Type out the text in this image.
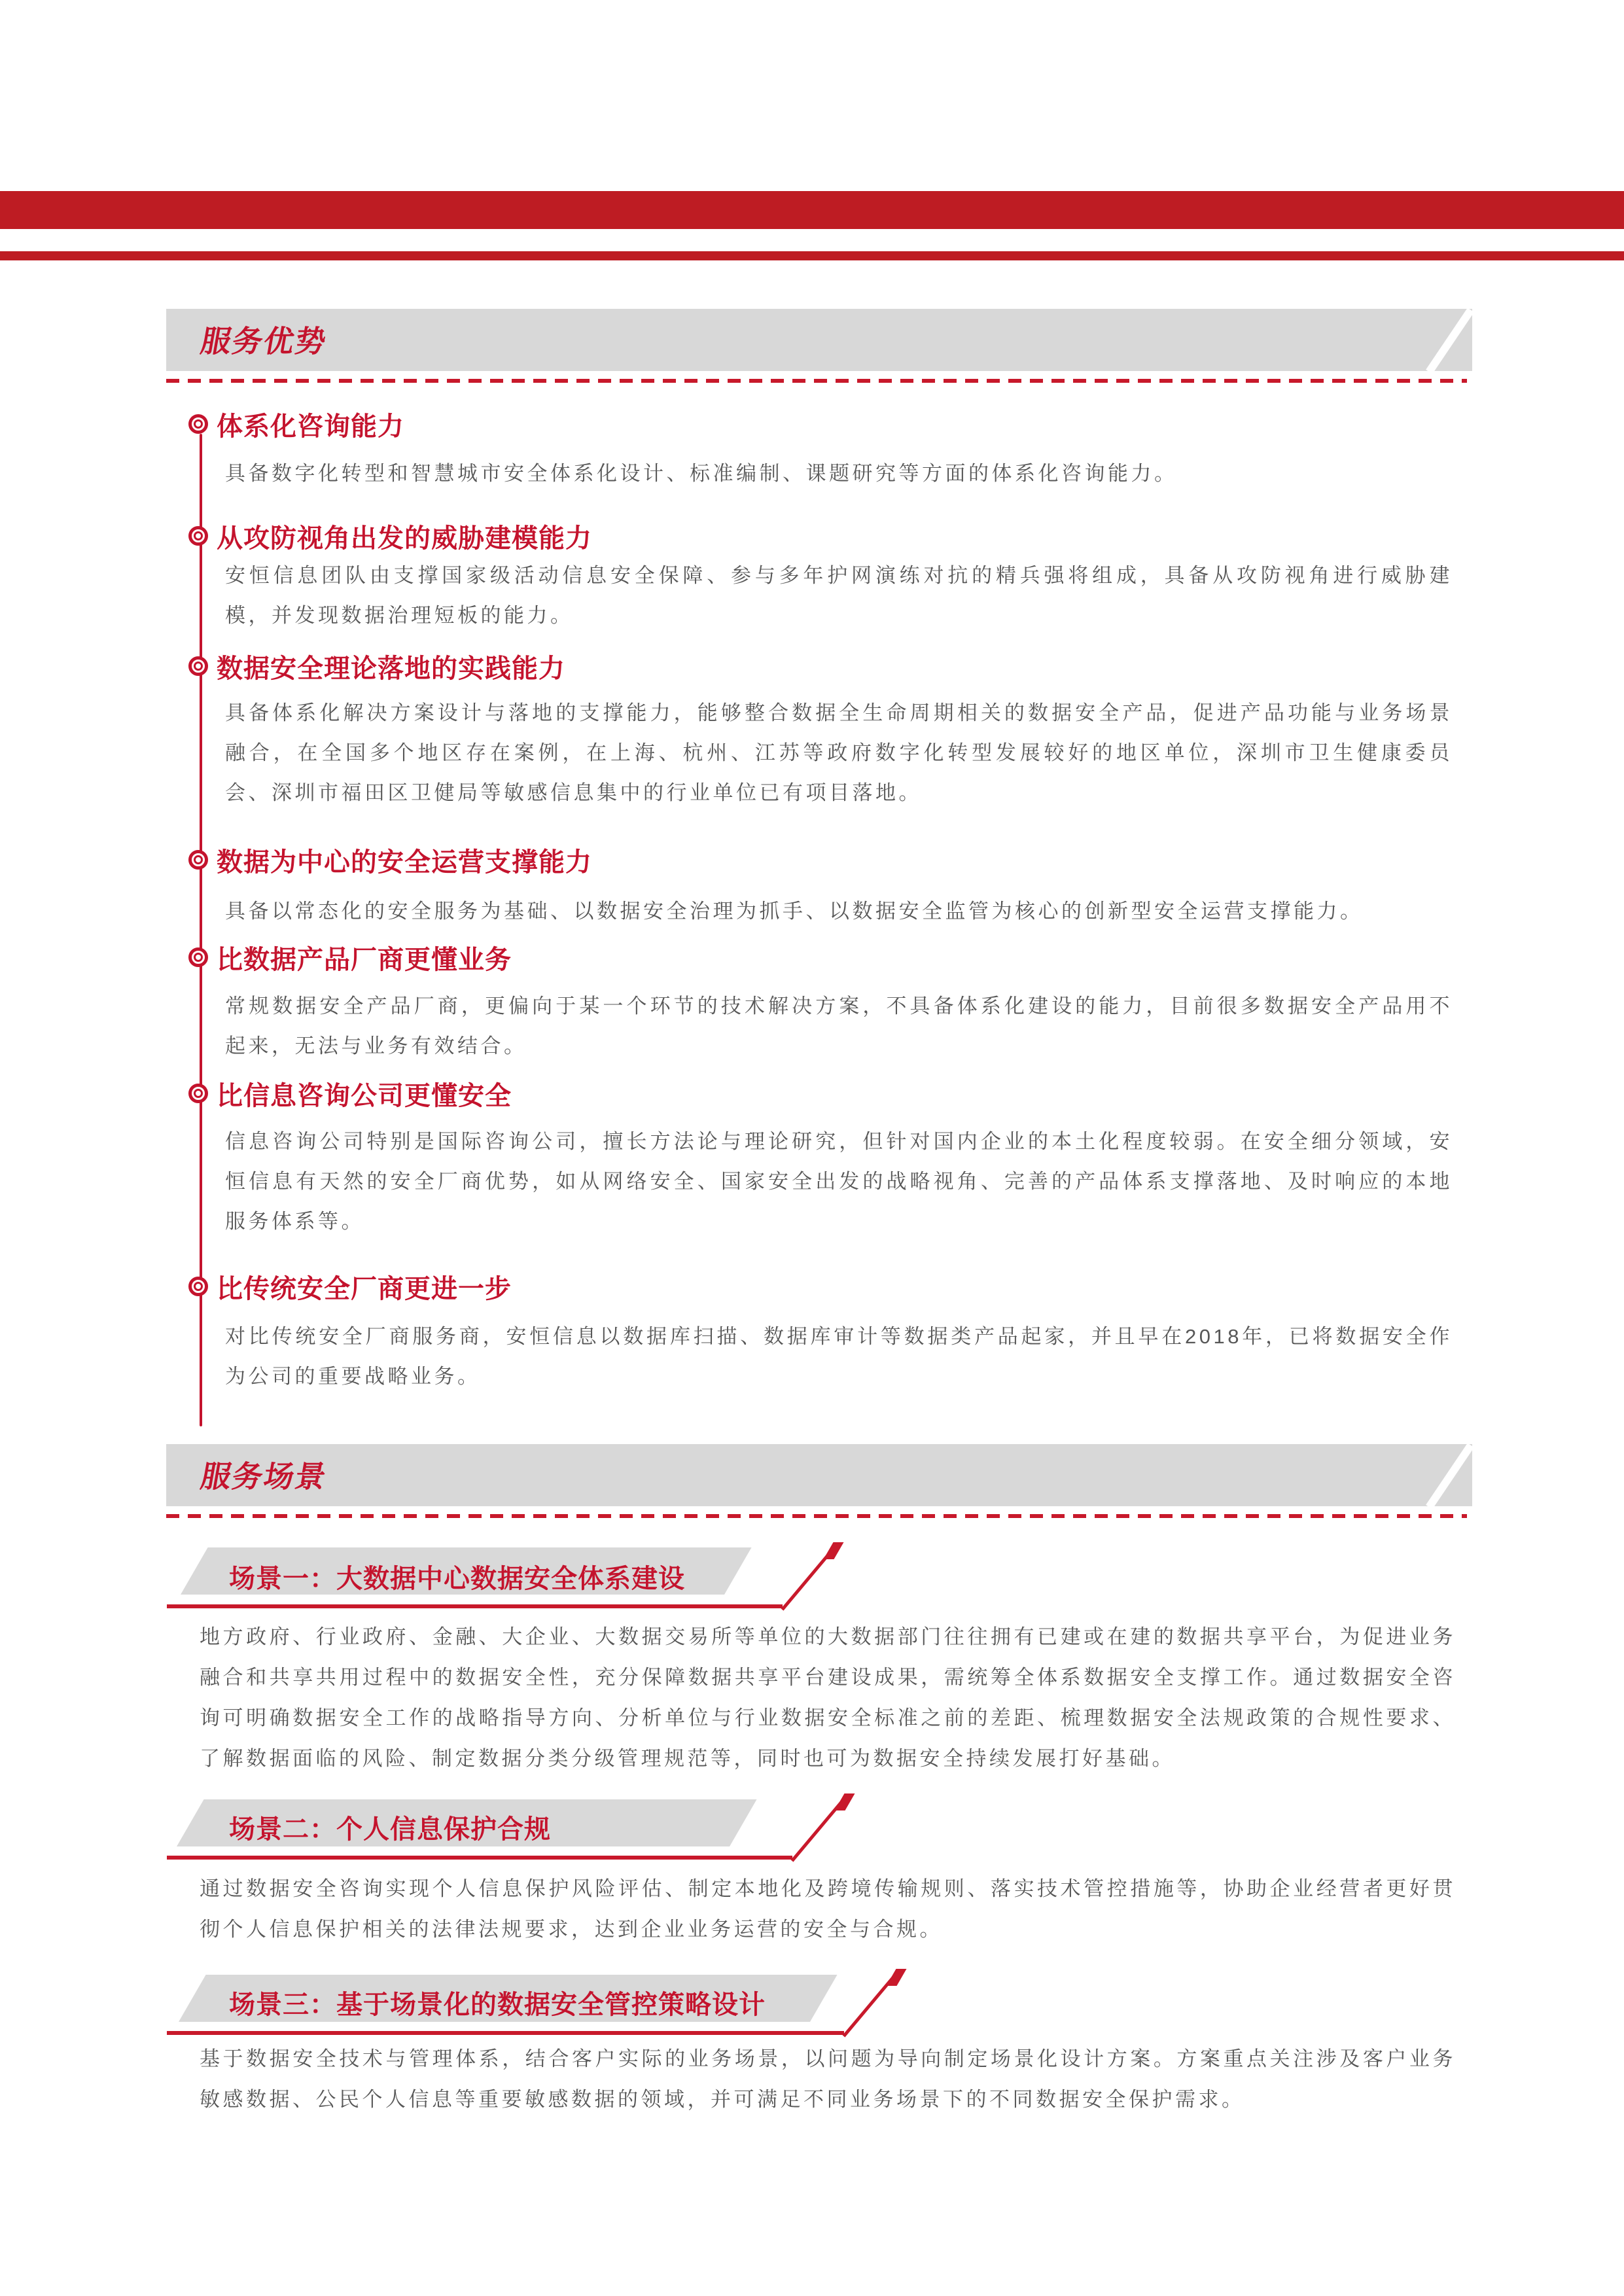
服务优势
体系化咨询能力

具备数字化转型和智慧城市安全体系化设计、标准编制、课题研究等方面的体系化咨询能力。

从攻防视角出发的威胁建模能力

安恒信息团队由支撑国家级活动信息安全保障、参与多年护网演练对抗的精兵强将组成，具备从攻防视角进行威胁建模，并发现数据治理短板的能力。

数据安全理论落地的实践能力

具备体系化解决方案设计与落地的支撑能力，能够整合数据全生命周期相关的数据安全产品，促进产品功能与业务场景融合，在全国多个地区存在案例，在上海、杭州、江苏等政府数字化转型发展较好的地区单位，深圳市卫生健康委员会、深圳市福田区卫健局等敏感信息集中的行业单位已有项目落地。

数据为中心的安全运营支撑能力

具备以常态化的安全服务为基础、以数据安全治理为抓手、以数据安全监管为核心的创新型安全运营支撑能力。

比数据产品厂商更懂业务

常规数据安全产品厂商，更偏向于某一个环节的技术解决方案，不具备体系化建设的能力，目前很多数据安全产品用不起来，无法与业务有效结合。

比信息咨询公司更懂安全

信息咨询公司特别是国际咨询公司，擅长方法论与理论研究，但针对国内企业的本土化程度较弱。在安全细分领域，安恒信息有天然的安全厂商优势，如从网络安全、国家安全出发的战略视角、完善的产品体系支撑落地、及时响应的本地服务体系等。

比传统安全厂商更进一步

对比传统安全厂商服务商，安恒信息以数据库扫描、数据库审计等数据类产品起家，并且早在2018年，已将数据安全作为公司的重要战略业务。

服务场景
场景一：大数据中心数据安全体系建设

地方政府、行业政府、金融、大企业、大数据交易所等单位的大数据部门往往拥有已建或在建的数据共享平台，为促进业务融合和共享共用过程中的数据安全性，充分保障数据共享平台建设成果，需统筹全体系数据安全支撑工作。通过数据安全咨询可明确数据安全工作的战略指导方向、分析单位与行业数据安全标准之前的差距、梳理数据安全法规政策的合规性要求、了解数据面临的风险、制定数据分类分级管理规范等，同时也可为数据安全持续发展打好基础。

场景二：个人信息保护合规

通过数据安全咨询实现个人信息保护风险评估、制定本地化及跨境传输规则、落实技术管控措施等，协助企业经营者更好贯彻个人信息保护相关的法律法规要求，达到企业业务运营的安全与合规。

场景三：基于场景化的数据安全管控策略设计

基于数据安全技术与管理体系，结合客户实际的业务场景，以问题为导向制定场景化设计方案。方案重点关注涉及客户业务敏感数据、公民个人信息等重要敏感数据的领域，并可满足不同业务场景下的不同数据安全保护需求。
